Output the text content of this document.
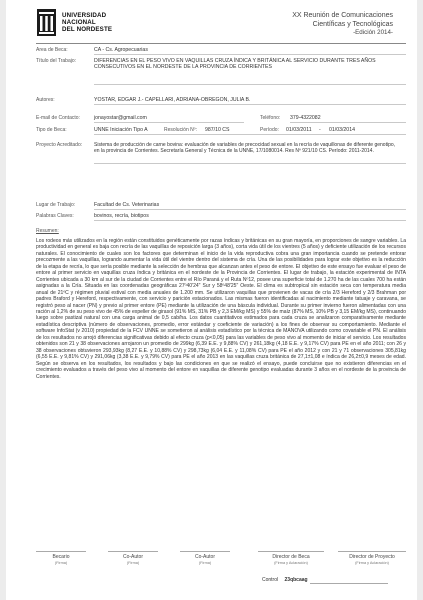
UNIVERSIDAD
NACIONAL
DEL NORDESTE
XX Reunión de Comunicaciones
Científicas y Tecnológicas
-Edición 2014-
Area de Beca:	CA - Cs. Agropecuarias
Título del Trabajo:	DIFERENCIAS EN EL PESO VIVO EN VAQUILLAS CRUZA ÍNDICA Y BRITÁNICA AL SERVICIO DURANTE TRES AÑOS CONSECUTIVOS EN EL NORDESTE DE LA PROVINCIA DE CORRIENTES
Autores:	YOSTAR, EDGAR J.- CAPELLARI, ADRIANA-OBREGON, JULIA B.
E-mail de Contacto:	jonayostar@gmail.com	Teléfono: 379-4322082
Tipo de Beca:	UNNE Iniciación Tipo A	Resolución Nº: 987/10 CS	Período: 01/03/2011 - 01/03/2014
Proyecto Acreditado: Sistema de producción de carne bovina: evaluación de variables de precocidad sexual en la recría de vaquillonas de diferente genotipo, en la provincia de Corrientes. Secretaría General y Técnica de la UNNE, 17/1080014. Res Nº 921/10 CS. Período: 2011-2014.
Lugar de Trabajo:	Facultad de Cs. Veterinarias
Palabras Claves:	bovinos, recría, biotipos
Resumen:
Los rodeos más utilizados en la región están constituidos genéticamente por razas índicas y británicas en su gran mayoría, en proporciones de sangre variables. La productividad en general es baja con recría de las vaquillas de reposición larga (3 años), corta vida útil de los vientres (5 años) y deficiente utilización de los recursos naturales. El conocimiento de cuales son los factores que determinan el inicio de la vida reproductiva cobra una gran importancia cuando se pretende entorar precozmente a las vaquillas, logrando aumentar la vida útil del vientre dentro del sistema de cría. Una de las posibilidades para lograr este objetivo es la reducción de la etapa de recría, lo que sería posible mediante la selección de hembras que alcanzan antes el peso de entore. El objetivo de este ensayo fue evaluar el peso de entore al primer servicio en vaquillas cruza índica y británica en el nordeste de la Provincia de Corrientes. El lugar de trabajo, la estación experimental de INTA Corrientes ubicada a 30 km al sur de la ciudad de Corrientes entre el Río Paraná y el Ruta Nº12, posee una superficie total de 1.270 ha de las cuales 700 ha están asignadas a la Cría. Situada en las coordenadas geográficas 27º40'24" Sur y 58º48'25" Oeste. El clima es subtropical sin estación seca con temperatura media anual de 21ºC y régimen pluvial estival con media anuales de 1.200 mm. Se utilizaron vaquillas que provienen de vacas de cría 2/3 Hereford y 2/3 Brahman por padres Braford y Hereford, respectivamente, con servicio y parición estacionados. Las mismas fueron identificadas al nacimiento mediante tatuaje y caravana, se registró peso al nacer (PN) y previo al primer entore (PE) mediante la utilización de una báscula individual. Durante su primer invierno fueron alimentadas con una ración al 1,2% de su peso vivo de 45% de expeller de girasol (91% MS, 31% PB y 2,3 EM/kg MS) y 55% de maíz (87% MS, 10% PB y 3,15 EM/kg MS), continuando luego sobre pastizal natural con una carga animal de 0,5 cab/ha. Los datos cuantitativos estimados para cada cruza se analizaron comparativamente mediante estadística descriptiva (número de observaciones, promedio, error estándar y coeficiente de variación) a los fines de observar su comportamiento. Mediante el software InfoStat (v 2010) propiedad de la FCV UNNE se sometieron al análisis estadístico por la técnica de MANOVA utilizando como covariable el PN. El análisis de los resultados no arrojó diferencias significativas debido al efecto cruza (p<0,05) para las variables de peso vivo al momento de iniciar el servicio. Los resultados obtenidos son 21 y 38 observaciones arrojaron un promedio de 299kg (6,39 E.E. y 9,88% CV) y 261,18kg (4,18 E.E. y 9,17% CV) para PE en el año 2011; con 26 y 38 observaciones obtuvieron 293,93kg (8,27 E.E. y 10,88% CV) y 298,73kg (6,04 E.E. y 11,08% CV) para PE el año 2012 y con 21 y 71 observaciones 305,81kg (6,55 E.E. y 9,81% CV) y 291,06kg (3,38 E.E. y 9,79% CV) para PE el año 2013 en las vaquillas cruza británica de 27,1±1,08 e índica de 26,2±0,9 meses de edad. Según se observa en los resultados, los resultados y bajo las condiciones en que se realizó el ensayo, puede concluirse que no existieron diferencias en el crecimiento evaluados a través del peso vivo al momento del entore en vaquillas de diferente genotipo evaluadas durante 3 años en el nordeste de la provincia de Corrientes.
Becario
(Firma)
Co-Autor
(Firma)
Co-Autor
(Firma)
Director de Beca
(Firma y Aclaración)
Director de Proyecto
(Firma y Aclaración)
Control 23qbcaag
